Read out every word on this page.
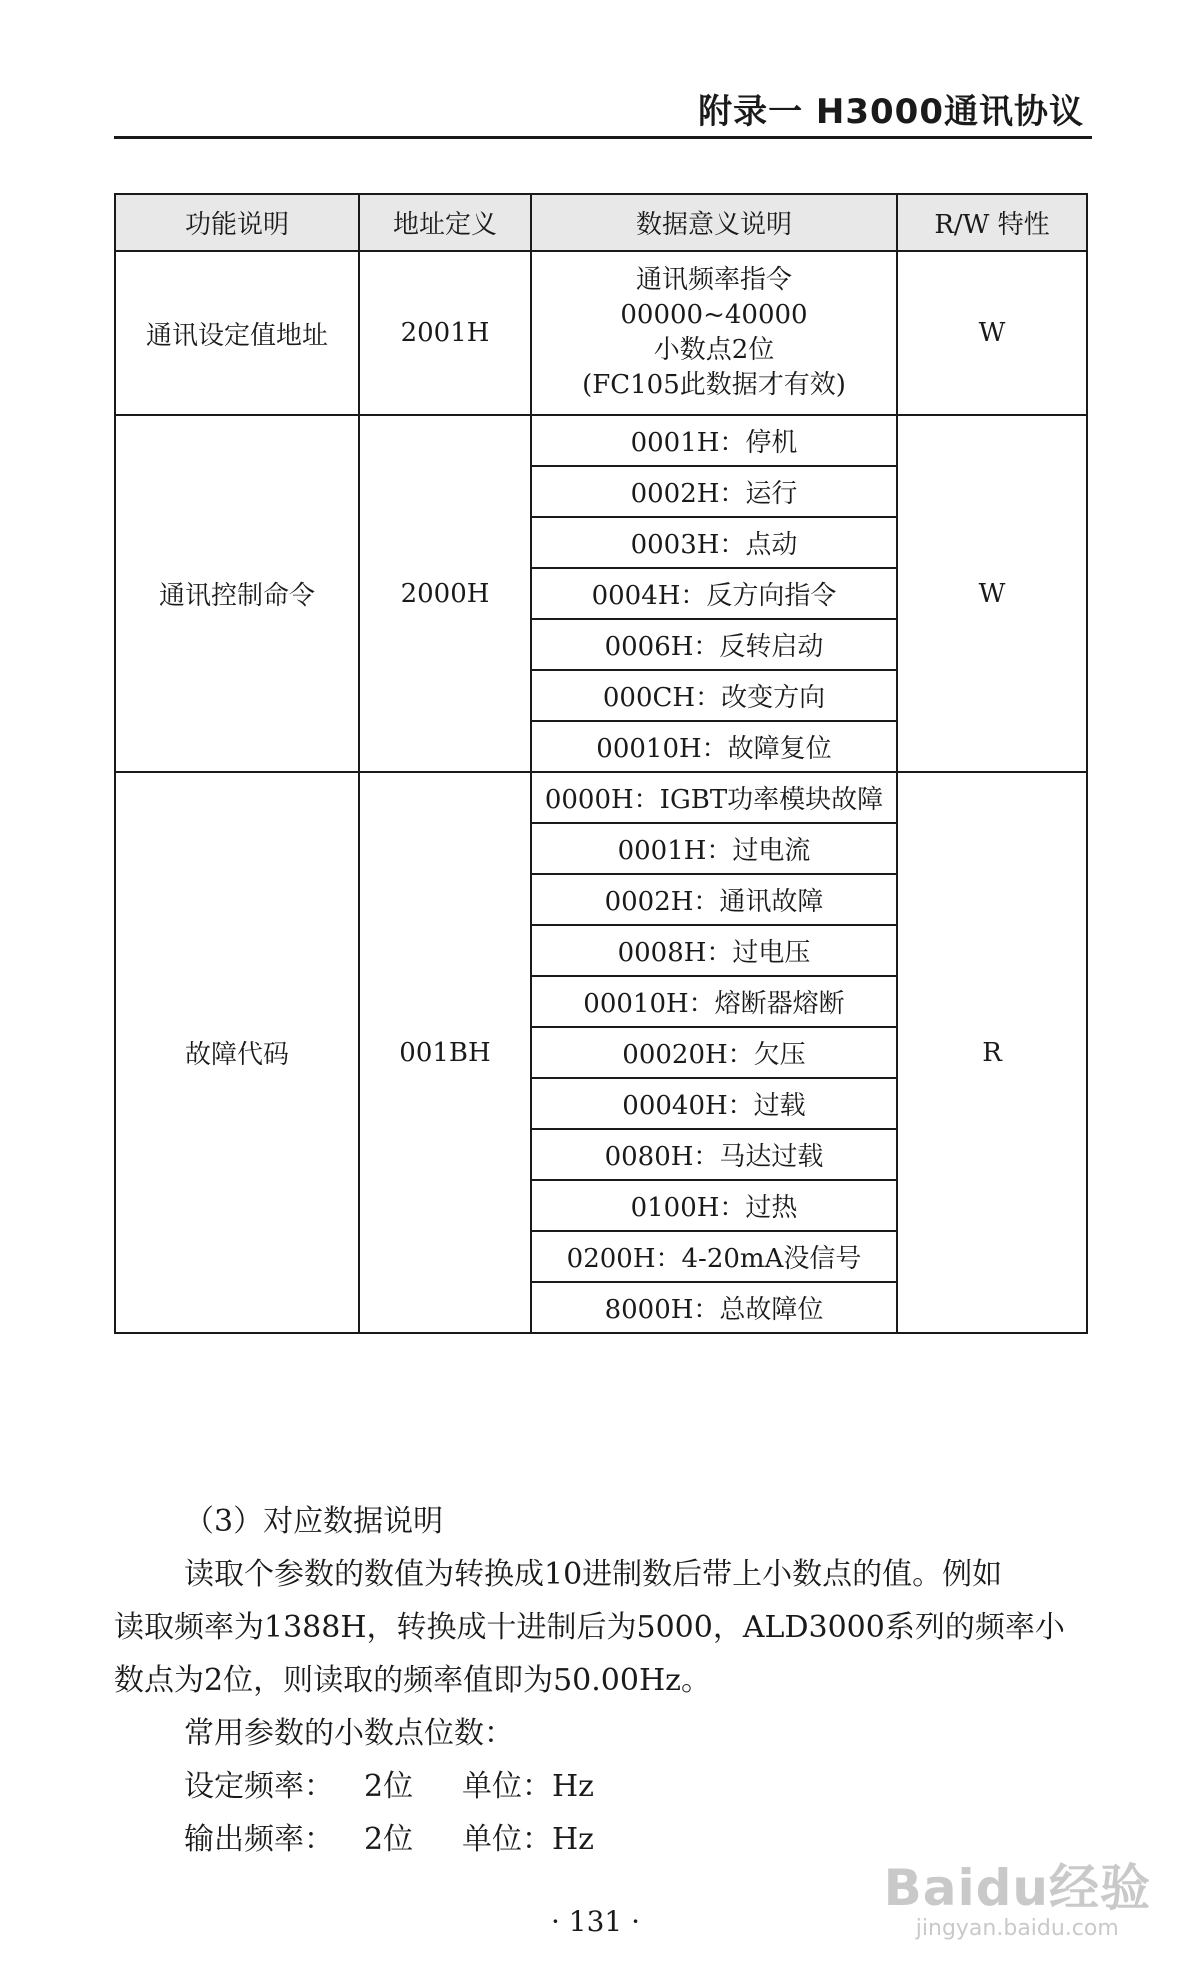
附录一 H3000通讯协议
功能说明	地址定义	数据意义说明	R/W 特性
通讯设定值地址	2001H	通讯频率指令
00000~40000
小数点2位
(FC105此数据才有效)	W
通讯控制命令	2000H	0001H：停机	W
		0002H：运行	
		0003H：点动	
		0004H：反方向指令	
		0006H：反转启动	
		000CH：改变方向	
		00010H：故障复位	
故障代码	001BH	0000H：IGBT功率模块故障	R
		0001H：过电流	
		0002H：通讯故障	
		0008H：过电压	
		00010H：熔断器熔断	
		00020H：欠压	
		00040H：过载	
		0080H：马达过载	
		0100H：过热	
		0200H：4-20mA没信号	
		8000H：总故障位	

（3）对应数据说明

读取个参数的数值为转换成10进制数后带上小数点的值。例如

读取频率为1388H，转换成十进制后为5000，ALD3000系列的频率小

数点为2位，则读取的频率值即为50.00Hz。

常用参数的小数点位数：

设定频率： 2位 单位：Hz

输出频率： 2位 单位：Hz

· 131 ·
Baidu经验
jingyan.baidu.com
